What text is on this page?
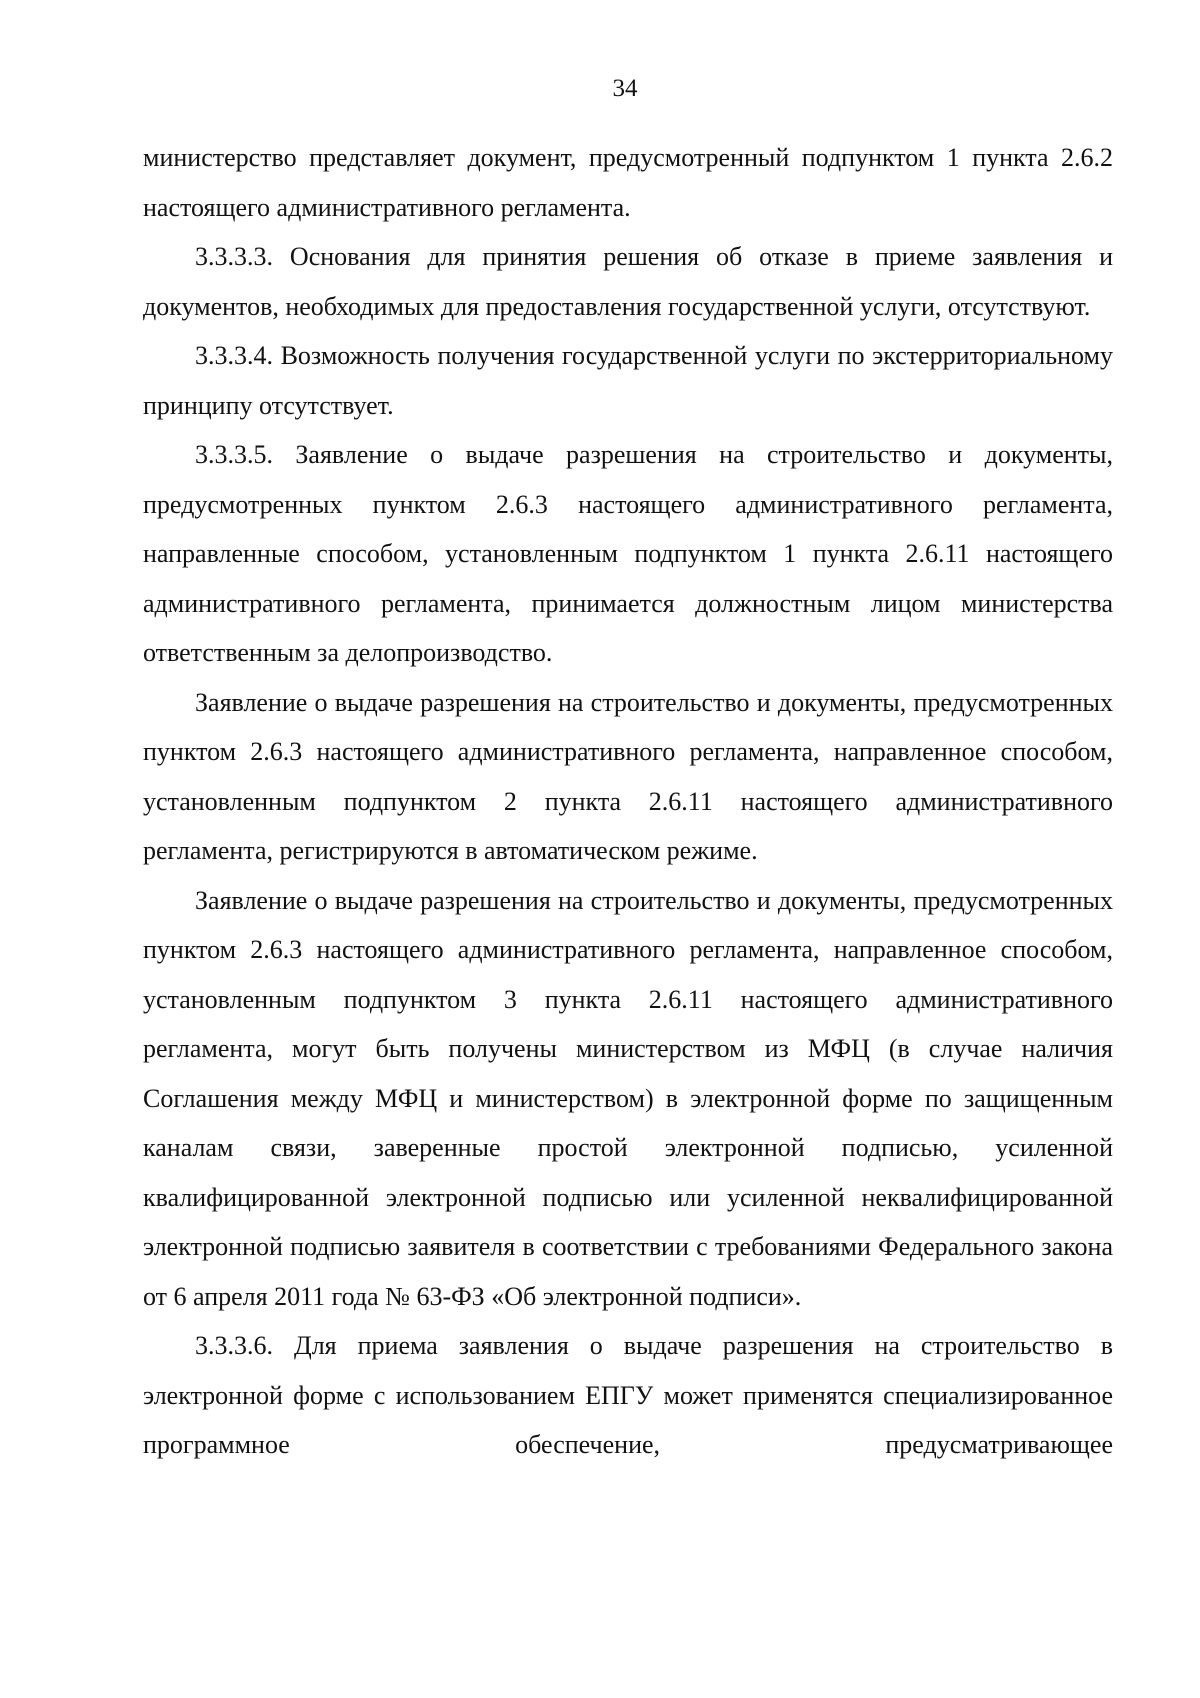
34

министерство представляет документ, предусмотренный подпунктом 1 пункта 2.6.2 настоящего административного регламента.

3.3.3.3. Основания для принятия решения об отказе в приеме заявления и документов, необходимых для предоставления государственной услуги, отсутствуют.

3.3.3.4. Возможность получения государственной услуги по экстерриториальному принципу отсутствует.

3.3.3.5. Заявление о выдаче разрешения на строительство и документы, предусмотренных пунктом 2.6.3 настоящего административного регламента, направленные способом, установленным подпунктом 1 пункта 2.6.11 настоящего административного регламента, принимается должностным лицом министерства ответственным за делопроизводство.

Заявление о выдаче разрешения на строительство и документы, предусмотренных пунктом 2.6.3 настоящего административного регламента, направленное способом, установленным подпунктом 2 пункта 2.6.11 настоящего административного регламента, регистрируются в автоматическом режиме.

Заявление о выдаче разрешения на строительство и документы, предусмотренных пунктом 2.6.3 настоящего административного регламента, направленное способом, установленным подпунктом 3 пункта 2.6.11 настоящего административного регламента, могут быть получены министерством из МФЦ (в случае наличия Соглашения между МФЦ и министерством) в электронной форме по защищенным каналам связи, заверенные простой электронной подписью, усиленной квалифицированной электронной подписью или усиленной неквалифицированной электронной подписью заявителя в соответствии с требованиями Федерального закона от 6 апреля 2011 года № 63-ФЗ «Об электронной подписи».

3.3.3.6. Для приема заявления о выдаче разрешения на строительство в электронной форме с использованием ЕПГУ может применятся специализированное программное обеспечение, предусматривающее
